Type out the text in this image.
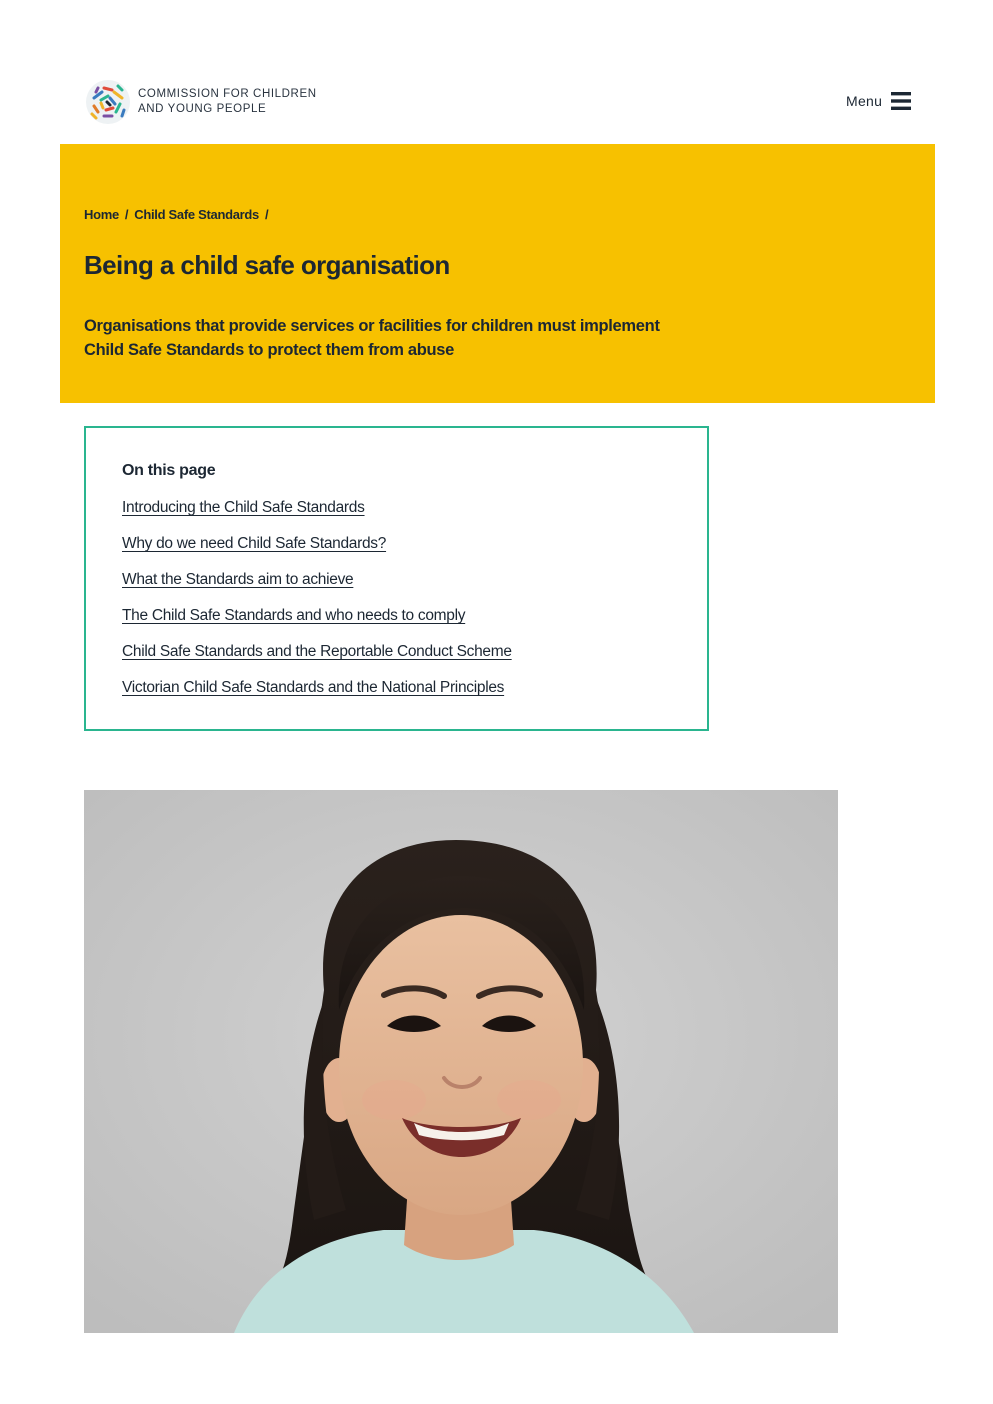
COMMISSION FOR CHILDREN
AND YOUNG PEOPLE	Menu
Home / Child Safe Standards /
Being a child safe organisation

Organisations that provide services or facilities for children must implement Child Safe Standards to protect them from abuse

On this page
Introducing the Child Safe Standards
Why do we need Child Safe Standards?
What the Standards aim to achieve
The Child Safe Standards and who needs to comply
Child Safe Standards and the Reportable Conduct Scheme
Victorian Child Safe Standards and the National Principles
